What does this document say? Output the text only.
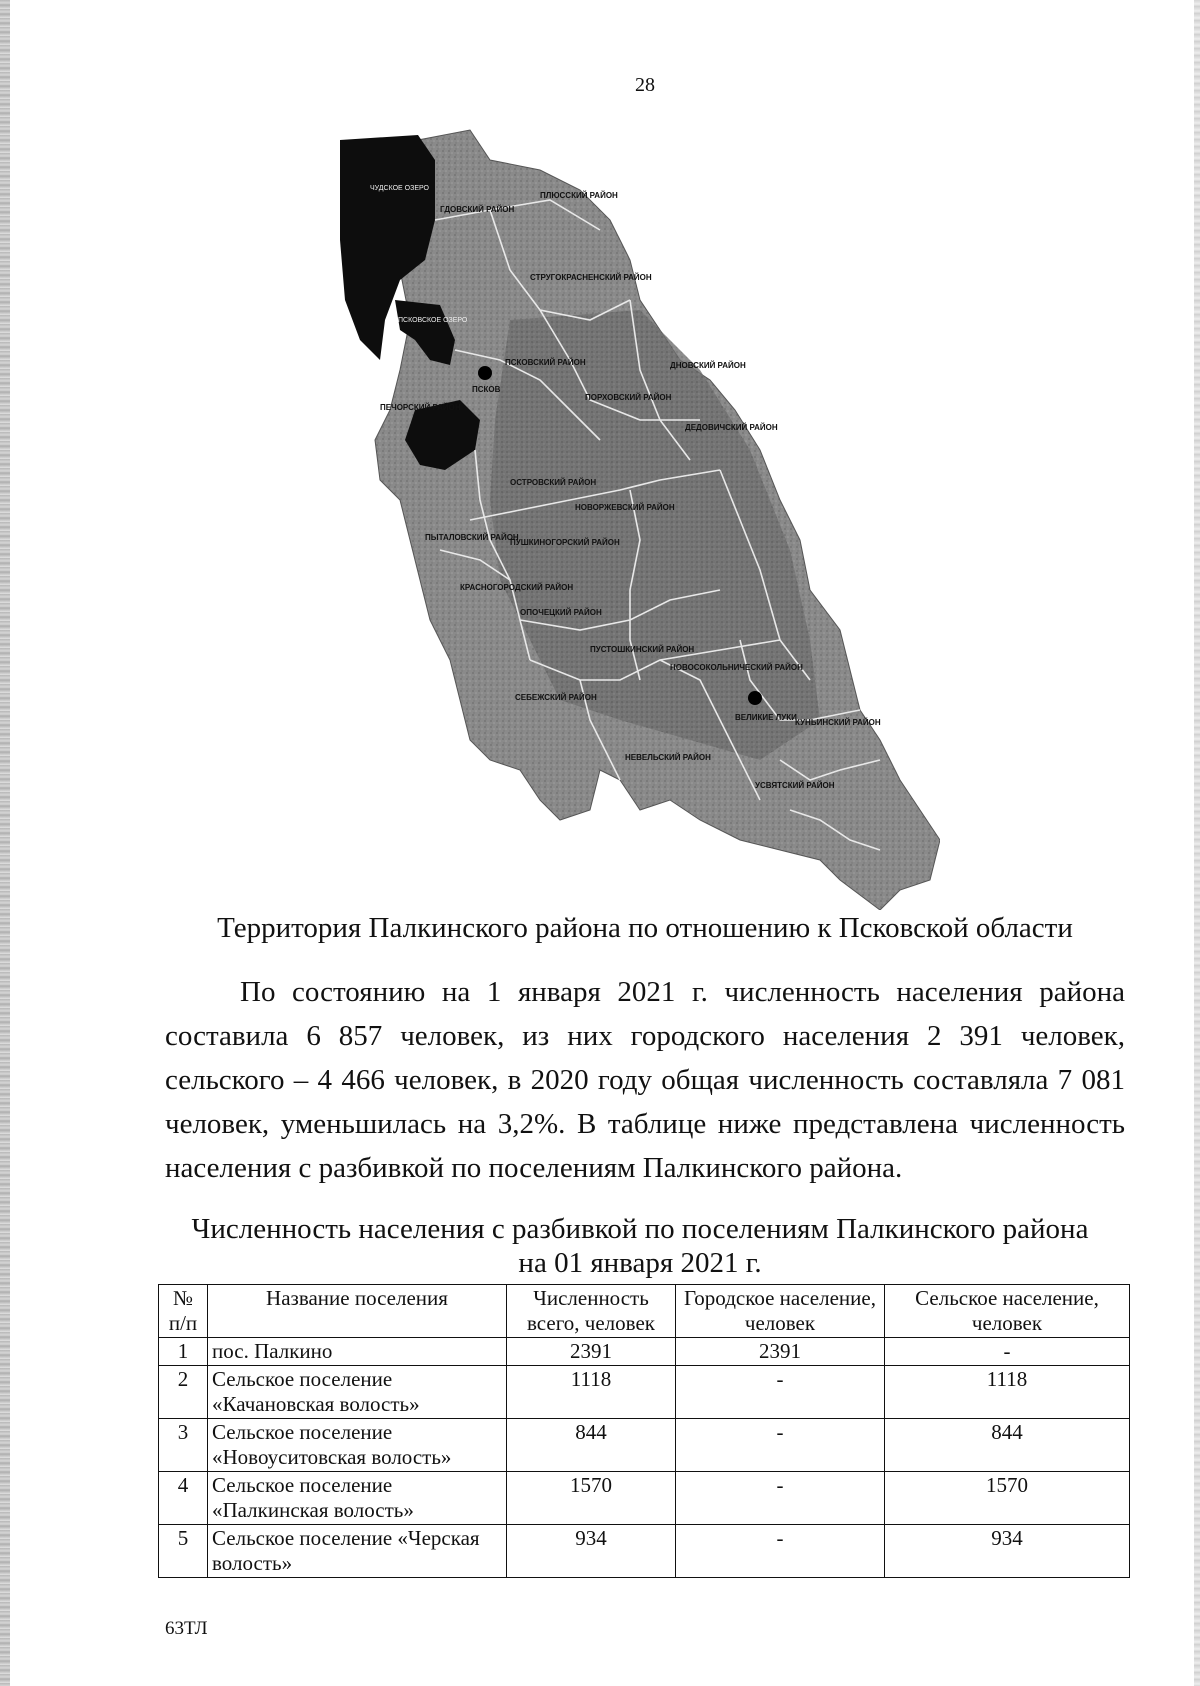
28
ЧУДСКОЕ ОЗЕРО
ПСКОВСКОЕ ОЗЕРО
ПСКОВ
ГДОВСКИЙ РАЙОН
ПЛЮССКИЙ РАЙОН
СТРУГОКРАСНЕНСКИЙ РАЙОН
ПСКОВСКИЙ РАЙОН	ДНОВСКИЙ РАЙОН
ПЕЧОРСКИЙ РАЙОН
ПОРХОВСКИЙ РАЙОН
ДЕДОВИЧСКИЙ РАЙОН
ОСТРОВСКИЙ РАЙОН
НОВОРЖЕВСКИЙ РАЙОН
ПЫТАЛОВСКИЙ РАЙОН
ПУШКИНОГОРСКИЙ РАЙОН
КРАСНОГОРОДСКИЙ РАЙОН
ОПОЧЕЦКИЙ РАЙОН
ПУСТОШКИНСКИЙ РАЙОН
НОВОСОКОЛЬНИЧЕСКИЙ РАЙОН
СЕБЕЖСКИЙ РАЙОН
ВЕЛИКИЕ ЛУКИ
КУНЬИНСКИЙ РАЙОН
НЕВЕЛЬСКИЙ РАЙОН
УСВЯТСКИЙ РАЙОН
Территория Палкинского района по отношению к Псковской области
По состоянию на 1 января 2021 г. численность населения района составила 6 857 человек, из них городского населения 2 391 человек, сельского – 4 466 человек, в 2020 году общая численность составляла 7 081 человек, уменьшилась на 3,2%. В таблице ниже представлена численность населения с разбивкой по поселениям Палкинского района.
Численность населения с разбивкой по поселениям Палкинского района
на 01 января 2021 г.
№ п/п	Название поселения	Численность всего, человек	Городское население, человек	Сельское население, человек
1	пос. Палкино	2391	2391	-
2	Сельское поселение «Качановская волость»	1118	-	1118
3	Сельское поселение «Новоуситовская волость»	844	-	844
4	Сельское поселение «Палкинская волость»	1570	-	1570
5	Сельское поселение «Черская волость»	934	-	934
63ТЛ
